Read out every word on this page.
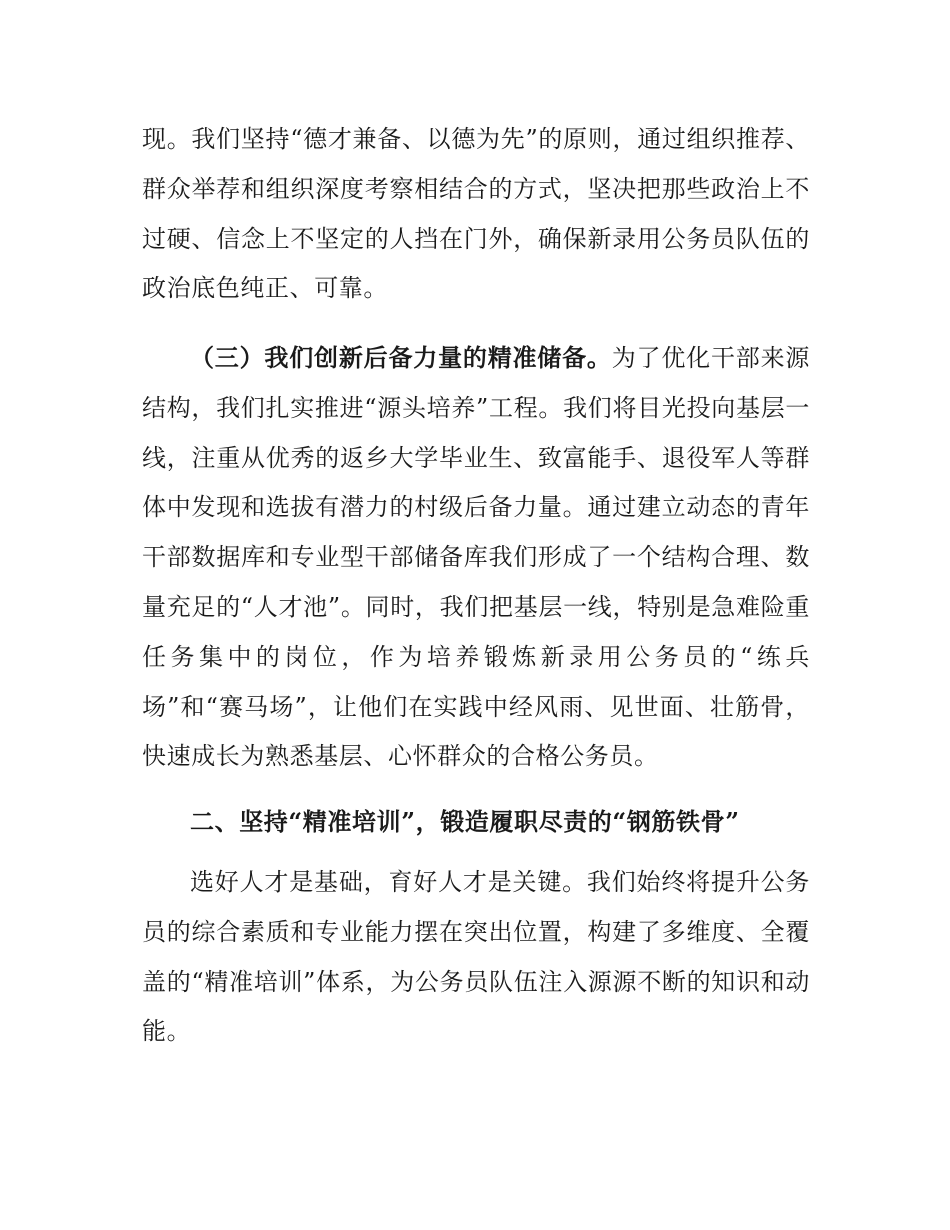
现。我们坚持“德才兼备、以德为先”的原则，通过组织推荐、群众举荐和组织深度考察相结合的方式，坚决把那些政治上不过硬、信念上不坚定的人挡在门外，确保新录用公务员队伍的政治底色纯正、可靠。

（三）我们创新后备力量的精准储备。为了优化干部来源结构，我们扎实推进“源头培养”工程。我们将目光投向基层一线，注重从优秀的返乡大学毕业生、致富能手、退役军人等群体中发现和选拔有潜力的村级后备力量。通过建立动态的青年干部数据库和专业型干部储备库我们形成了一个结构合理、数量充足的“人才池”。同时，我们把基层一线，特别是急难险重任务集中的岗位，作为培养锻炼新录用公务员的“练兵场”和“赛马场”，让他们在实践中经风雨、见世面、壮筋骨，快速成长为熟悉基层、心怀群众的合格公务员。

二、坚持“精准培训”，锻造履职尽责的“钢筋铁骨”

选好人才是基础，育好人才是关键。我们始终将提升公务员的综合素质和专业能力摆在突出位置，构建了多维度、全覆盖的“精准培训”体系，为公务员队伍注入源源不断的知识和动能。
